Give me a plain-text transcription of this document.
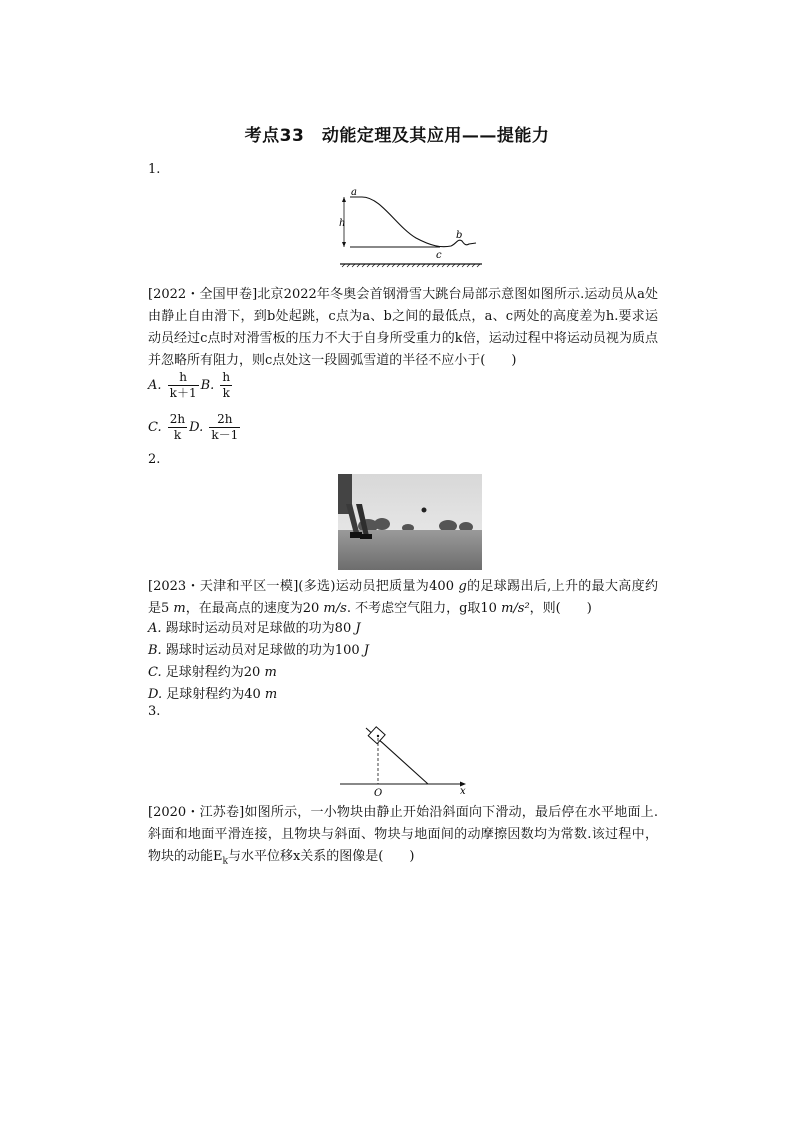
考点33　动能定理及其应用——提能力
1.
a
h
b
c
[2022・全国甲卷]北京2022年冬奥会首钢滑雪大跳台局部示意图如图所示.运动员从a处由静止自由滑下，到b处起跳，c点为a、b之间的最低点，a、c两处的高度差为h.要求运动员经过c点时对滑雪板的压力不大于自身所受重力的k倍，运动过程中将运动员视为质点并忽略所有阻力，则c点处这一段圆弧雪道的半径不应小于(　　)
A. $\frac{h}{k+1} B$. $\frac{h}{k}$
C. $\frac{2h}{k} D$. $\frac{2h}{k-1}$
2.
[2023・天津和平区一模](多选)运动员把质量为400 g的足球踢出后,上升的最大高度约是5 m，在最高点的速度为20 m/s. 不考虑空气阻力，g取10 m/s²，则(　　)
A. 踢球时运动员对足球做的功为80 J
B. 踢球时运动员对足球做的功为100 J
C. 足球射程约为20 m
D. 足球射程约为40 m
3.
O	x
[2020・江苏卷]如图所示，一小物块由静止开始沿斜面向下滑动，最后停在水平地面上.斜面和地面平滑连接，且物块与斜面、物块与地面间的动摩擦因数均为常数.该过程中，物块的动能$E_k$与水平位移x关系的图像是(　　)
